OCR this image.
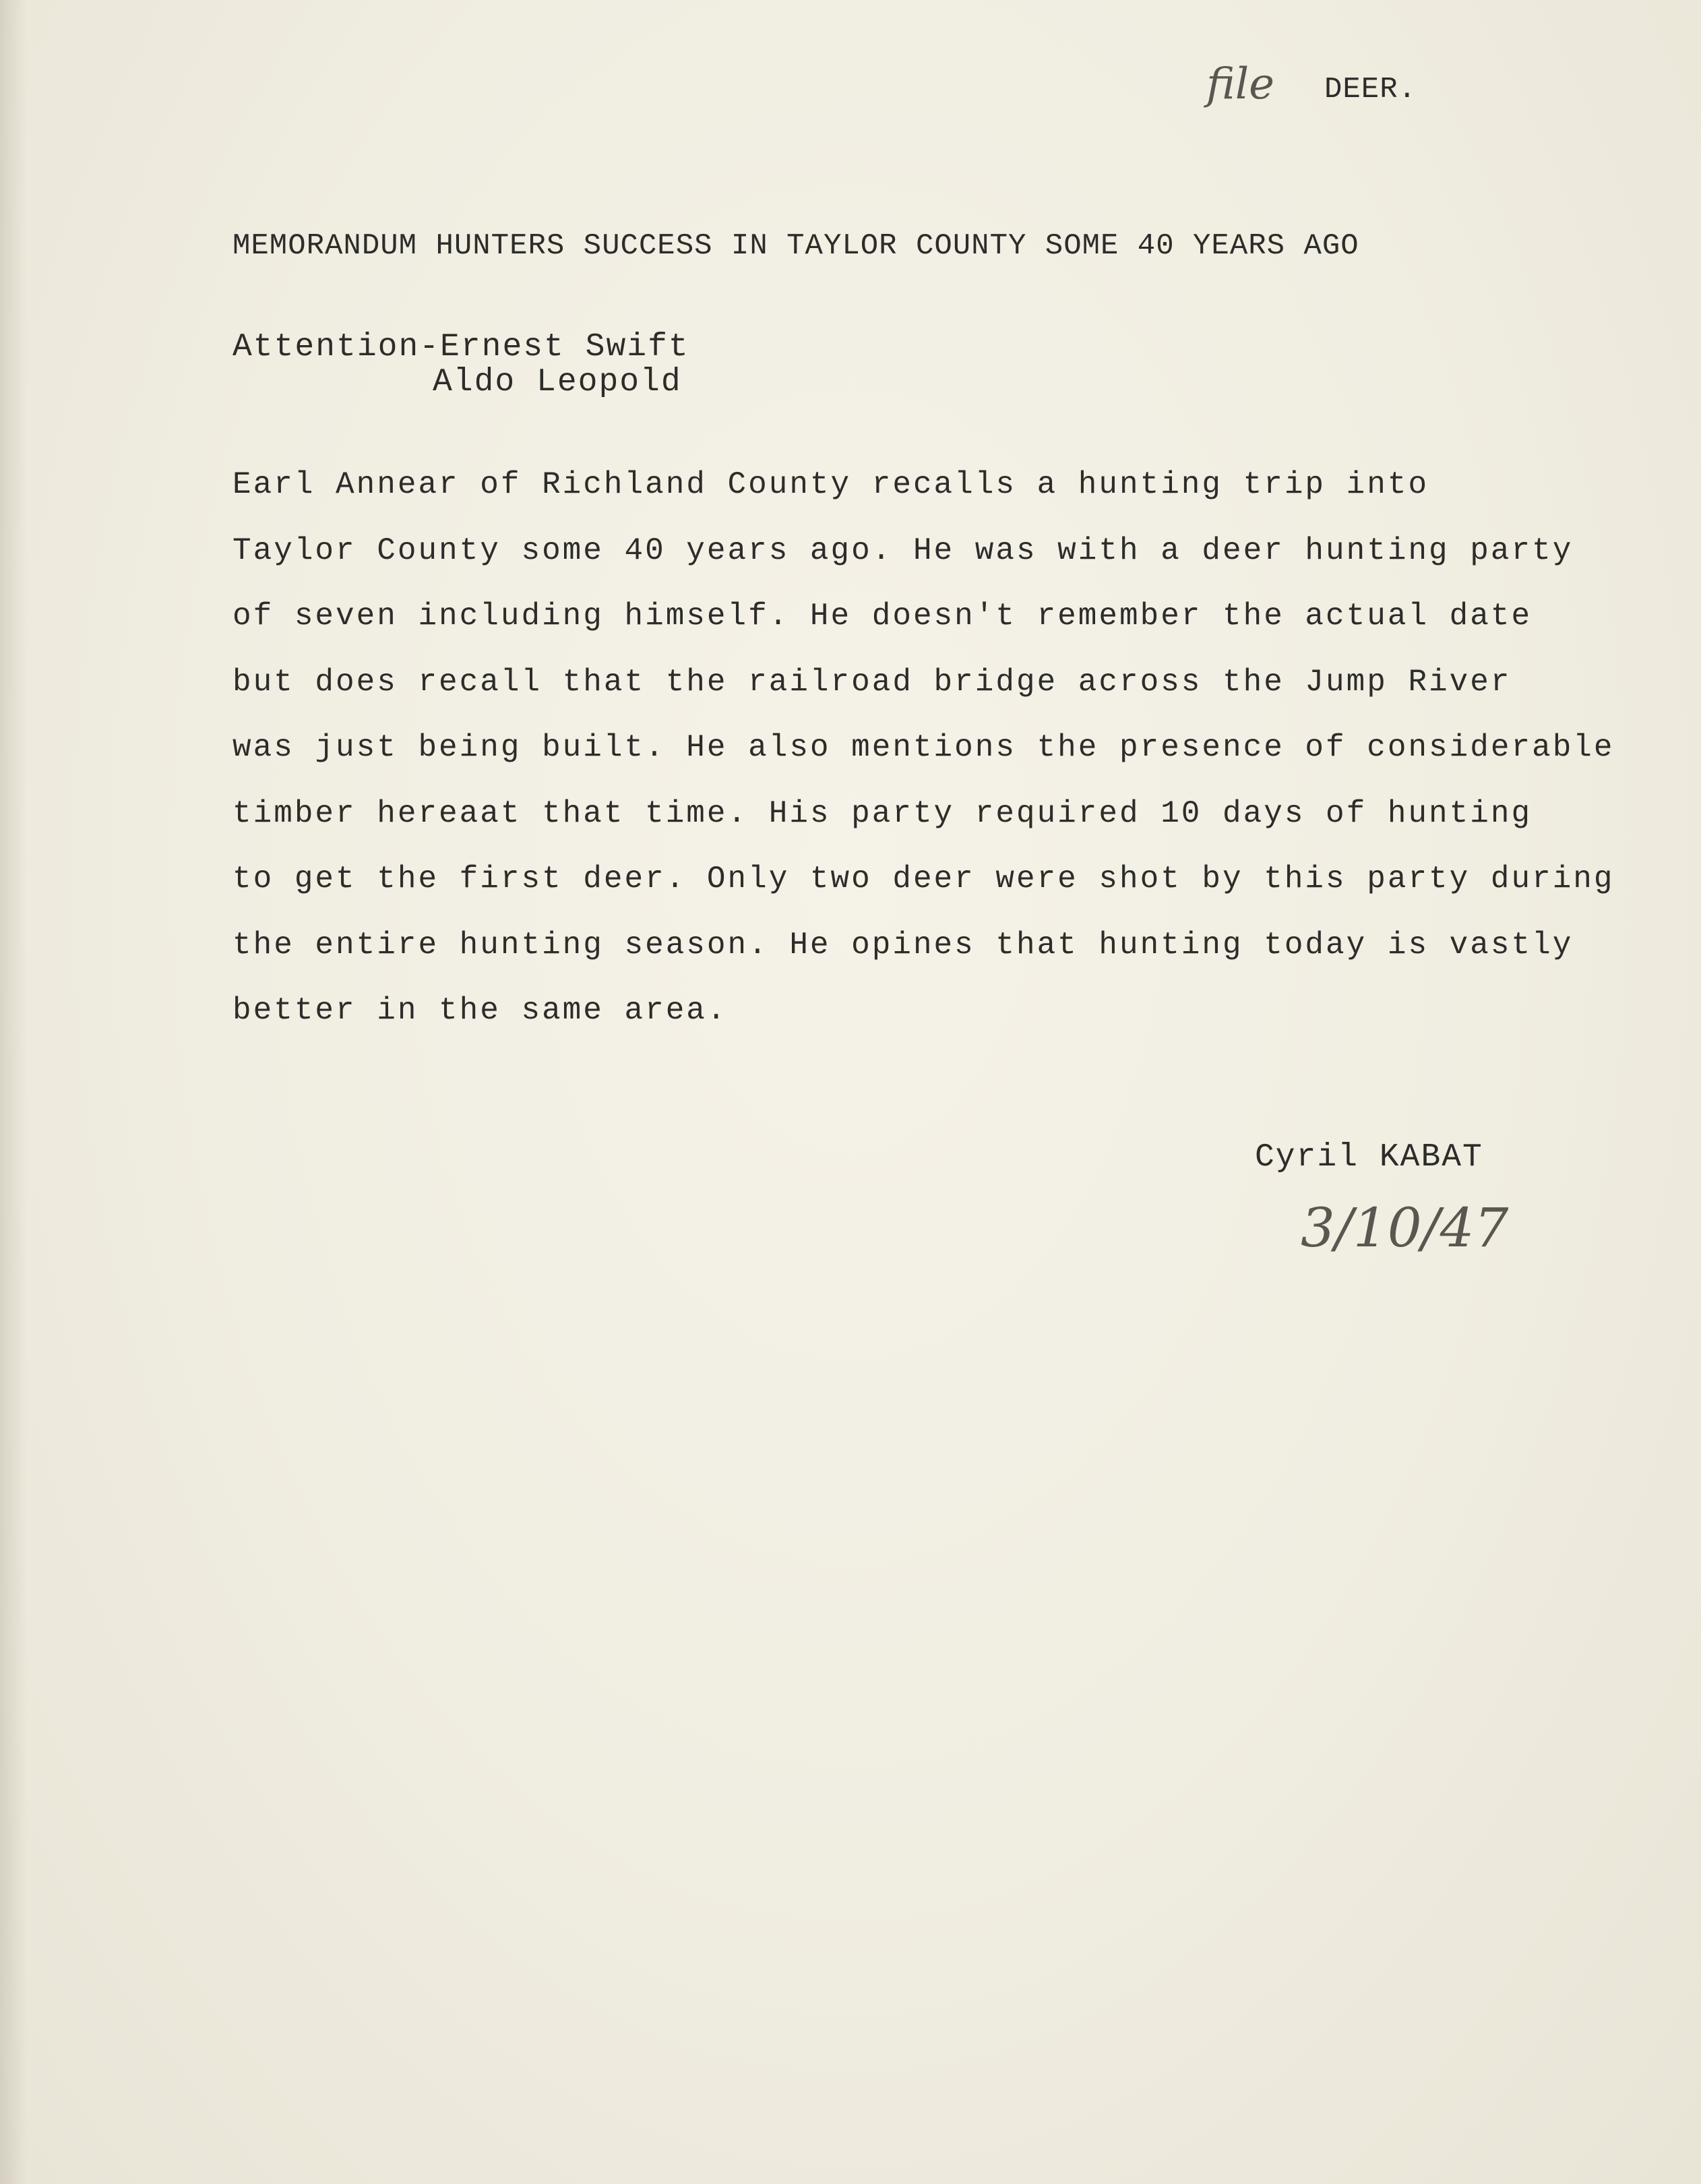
file DEER.
MEMORANDUM HUNTERS SUCCESS IN TAYLOR COUNTY SOME 40 YEARS AGO
Attention-Ernest Swift
Aldo Leopold
Earl Annear of Richland County recalls a hunting trip into
Taylor County some 40 years ago. He was with a deer hunting party
of seven including himself. He doesn't remember the actual date
but does recall that the railroad bridge across the Jump River
was just being built. He also mentions the presence of considerable
timber hereaat that time. His party required 10 days of hunting
to get the first deer. Only two deer were shot by this party during
the entire hunting season. He opines that hunting today is vastly
better in the same area.
Cyril KABAT
3/10/47
